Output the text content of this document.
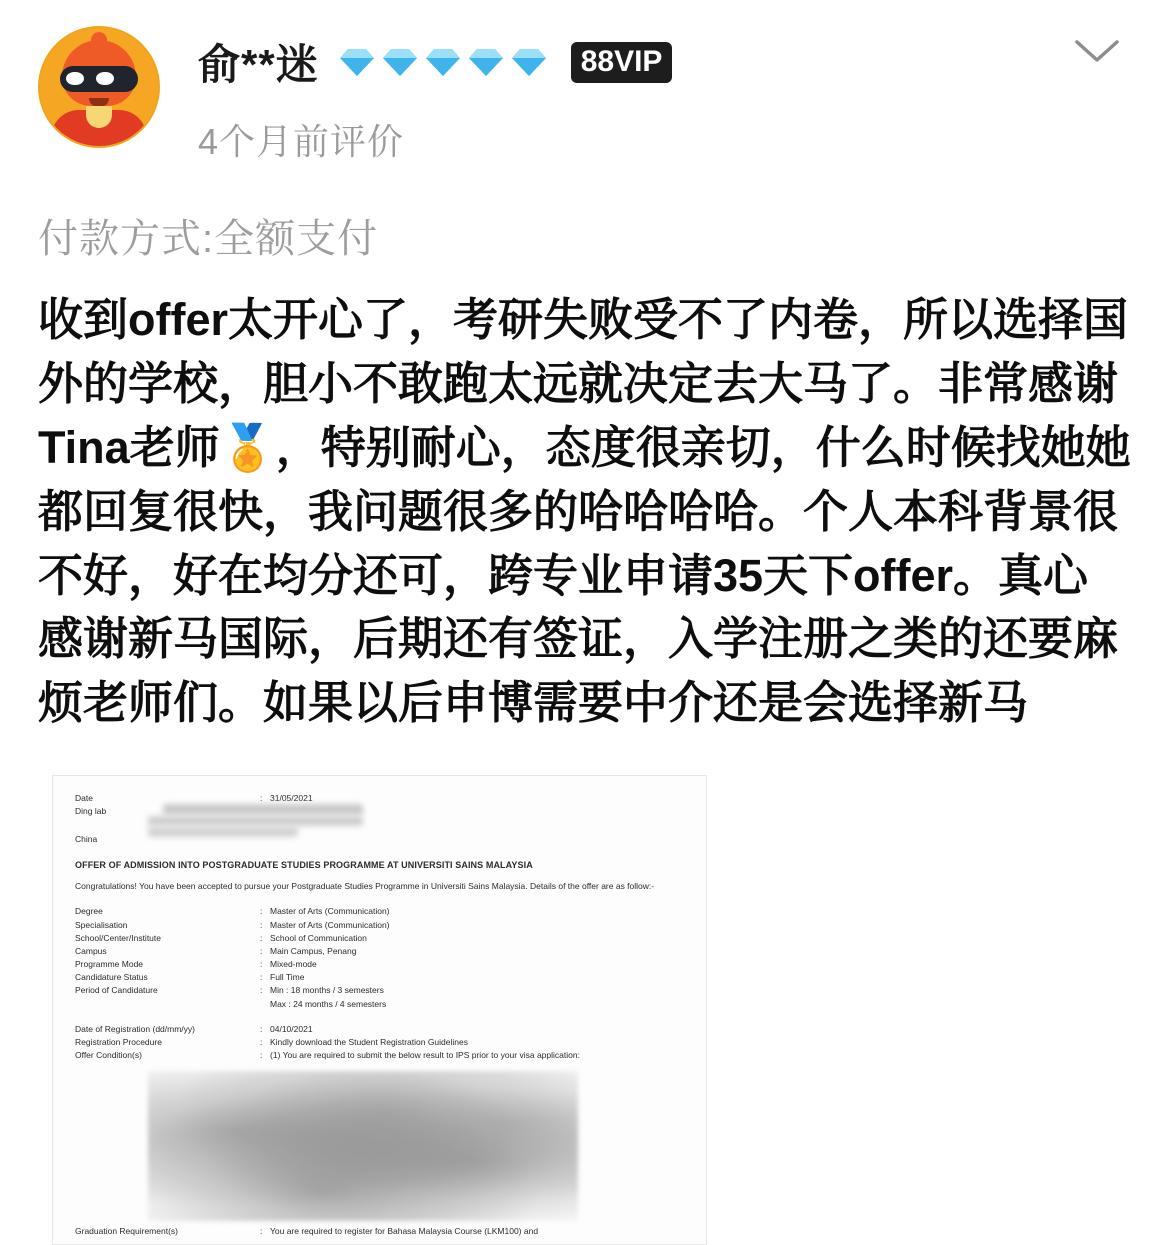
俞**迷	88VIP
4个月前评价
付款方式:全额支付
收到offer太开心了，考研失败受不了内卷，所以选择国外的学校，胆小不敢跑太远就决定去大马了。非常感谢Tina老师🏅，特别耐心，态度很亲切，什么时候找她她都回复很快，我问题很多的哈哈哈哈。个人本科背景很不好，好在均分还可，跨专业申请35天下offer。真心感谢新马国际，后期还有签证，入学注册之类的还要麻烦老师们。如果以后申博需要中介还是会选择新马
Date	: 31/05/2021
Ding lab
China
OFFER OF ADMISSION INTO POSTGRADUATE STUDIES PROGRAMME AT UNIVERSITI SAINS MALAYSIA
Congratulations! You have been accepted to pursue your Postgraduate Studies Programme in Universiti Sains Malaysia. Details of the offer are as follow:-
Degree	: Master of Arts (Communication)
Specialisation	: Master of Arts (Communication)
School/Center/Institute	: School of Communication
Campus	: Main Campus, Penang
Programme Mode	: Mixed-mode
Candidature Status	: Full Time
Period of Candidature	: Min : 18 months / 3 semesters
Max : 24 months / 4 semesters
Date of Registration (dd/mm/yy)	: 04/10/2021
Registration Procedure	: Kindly download the Student Registration Guidelines
Offer Condition(s)	: (1) You are required to submit the below result to IPS prior to your visa application:
Graduation Requirement(s)	: You are required to register for Bahasa Malaysia Course (LKM100) and
